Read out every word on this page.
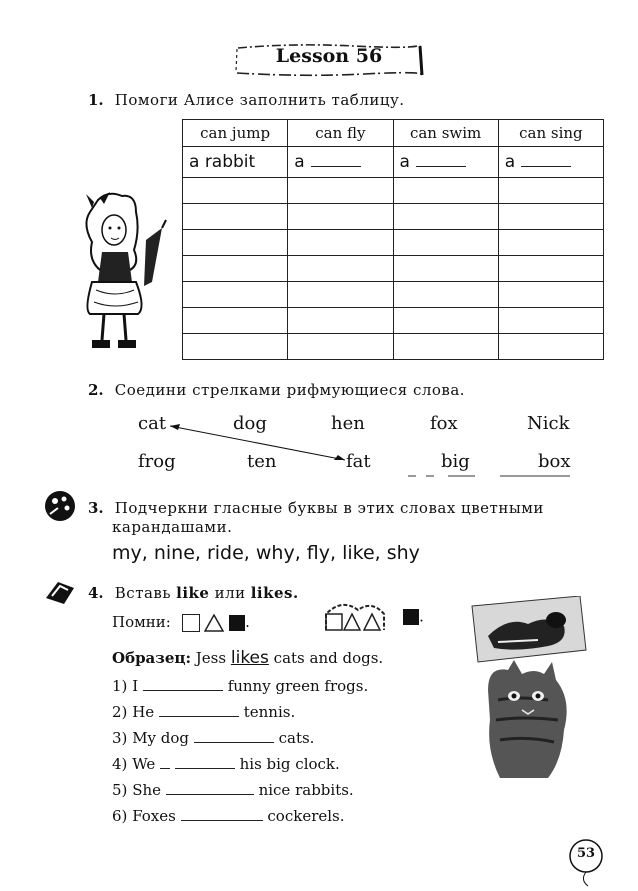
Lesson 56
1. Помоги Алисе заполнить таблицу.
can jump	can fly	can swim	can sing
a rabbit	a	a	a

2. Соедини стрелками рифмующиеся слова.
cat	dog	hen	fox	Nick
frog	ten	fat	big	box
3. Подчеркни гласные буквы в этих словах цветными
карандашами.
my, nine, ride, why, fly, like, shy
4. Вставь like или likes.
Помни:	.	.
Образец: Jess likes cats and dogs.
1) I	funny green frogs.
2) He	tennis.
3) My dog	cats.
4) We	his big clock.
5) She	nice rabbits.
6) Foxes	cockerels.
53
